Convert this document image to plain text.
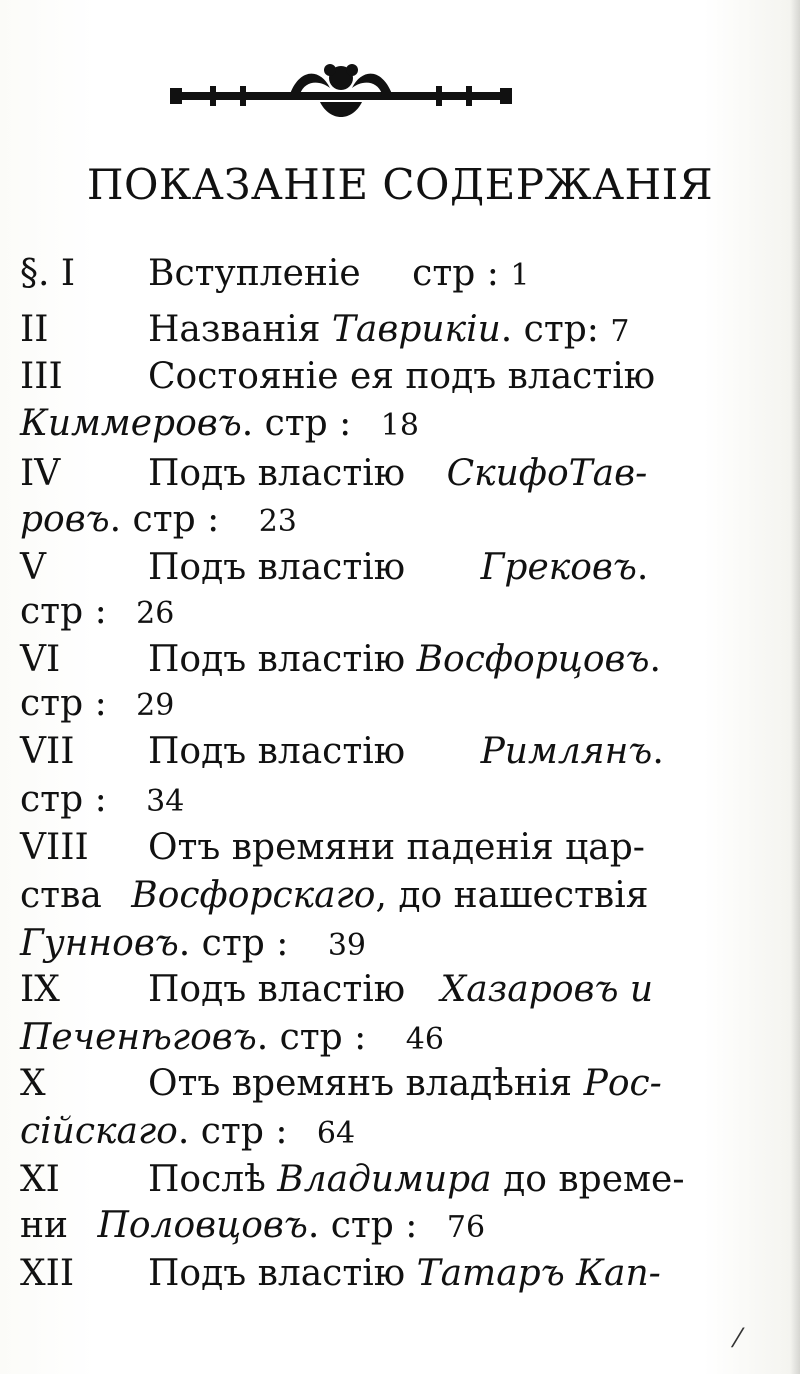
ПОКАЗАНІЕ СОДЕРЖАНІЯ
§. I Вступленіе стр : 1
II	Названія Таврикіи. стр: 7
III Состояніе ея подъ властію
Киммеровъ. стр : 18
IV Подъ властію СкифоТав-
ровъ. стр : 23
V	Подъ властію Грековъ.
стр : 26
VI Подъ властію Восфорцовъ.
стр : 29
VII Подъ властію Римлянъ.
стр : 34
VIII Отъ времяни паденія цар-
ства Восфорскаго, до нашествія
Гунновъ. стр : 39
IX Подъ властію Хазаровъ и
Печенѣговъ. стр : 46
X	Отъ времянъ владѣнія Рос-
сійскаго. стр : 64
XI Послѣ Владимира до време-
ни Половцовъ. стр : 76
XII Подъ властію Татаръ Кап-
⁄
